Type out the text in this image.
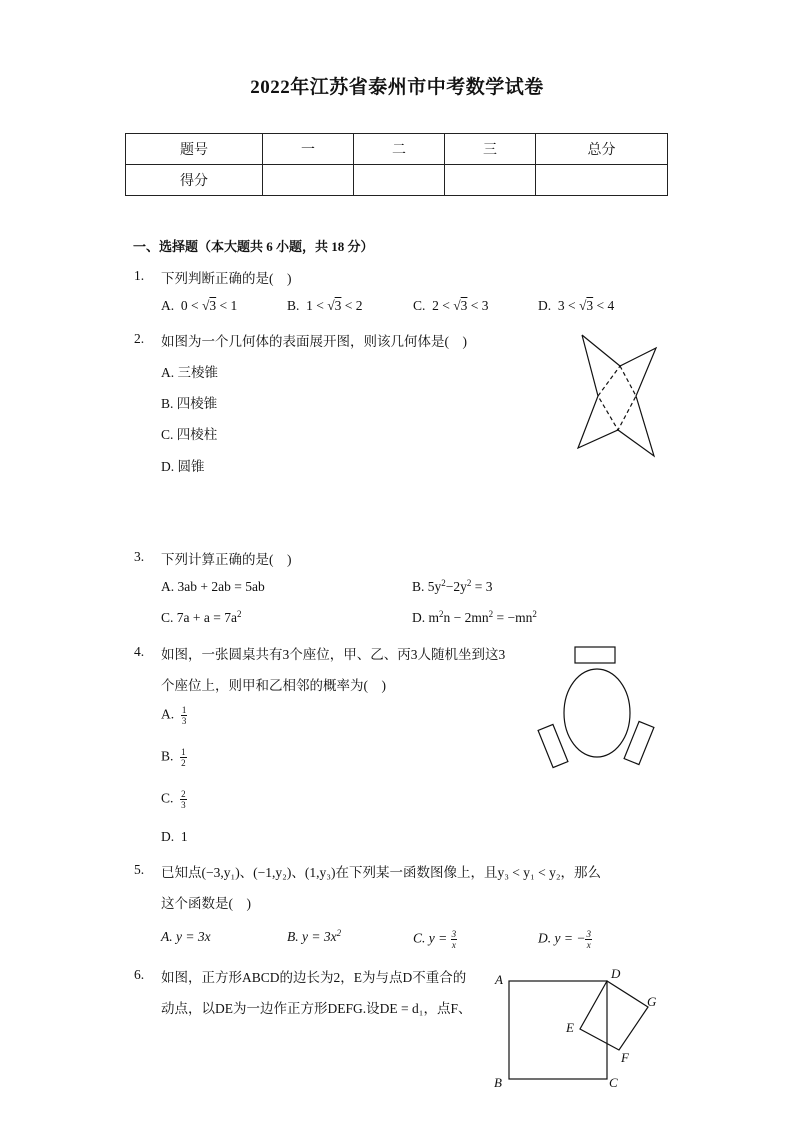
2022年江苏省泰州市中考数学试卷
题号	一	二	三	总分
得分				
一、选择题（本大题共 6 小题，共 18 分）
1. 下列判断正确的是(　)
A. 0 < √3 < 1	B. 1 < √3 < 2	C. 2 < √3 < 3	D. 3 < √3 < 4
2. 如图为一个几何体的表面展开图，则该几何体是(　)
A. 三棱锥
B. 四棱锥
C. 四棱柱
D. 圆锥
3. 下列计算正确的是(　)
A. 3ab + 2ab = 5ab	B. $5y^2-2y^2 = 3$
C. $7a + a = 7a^2$	D. $m^2n - 2mn^2 = -mn^2$
4. 如图，一张圆桌共有3个座位，甲、乙、丙3人随机坐到这3
个座位上，则甲和乙相邻的概率为(　)
A. $\frac{1}{3}$
B. $\frac{1}{2}$
C. $\frac{2}{3}$
D. 1
5. 已知点(−3,y₁)、(−1,y₂)、(1,y₃)在下列某一函数图像上，且y₃ < y₁ < y₂，那么
这个函数是(　)
A. y = 3x	B. $y = 3x^2$	C. $y = \frac{3}{x}$	D. y = − $\frac{3}{x}$
6. 如图，正方形ABCD的边长为2，E为与点D不重合的
动点，以DE为一边作正方形DEFG.设DE = d₁，点F、
A
B	C
D
E
F
G
